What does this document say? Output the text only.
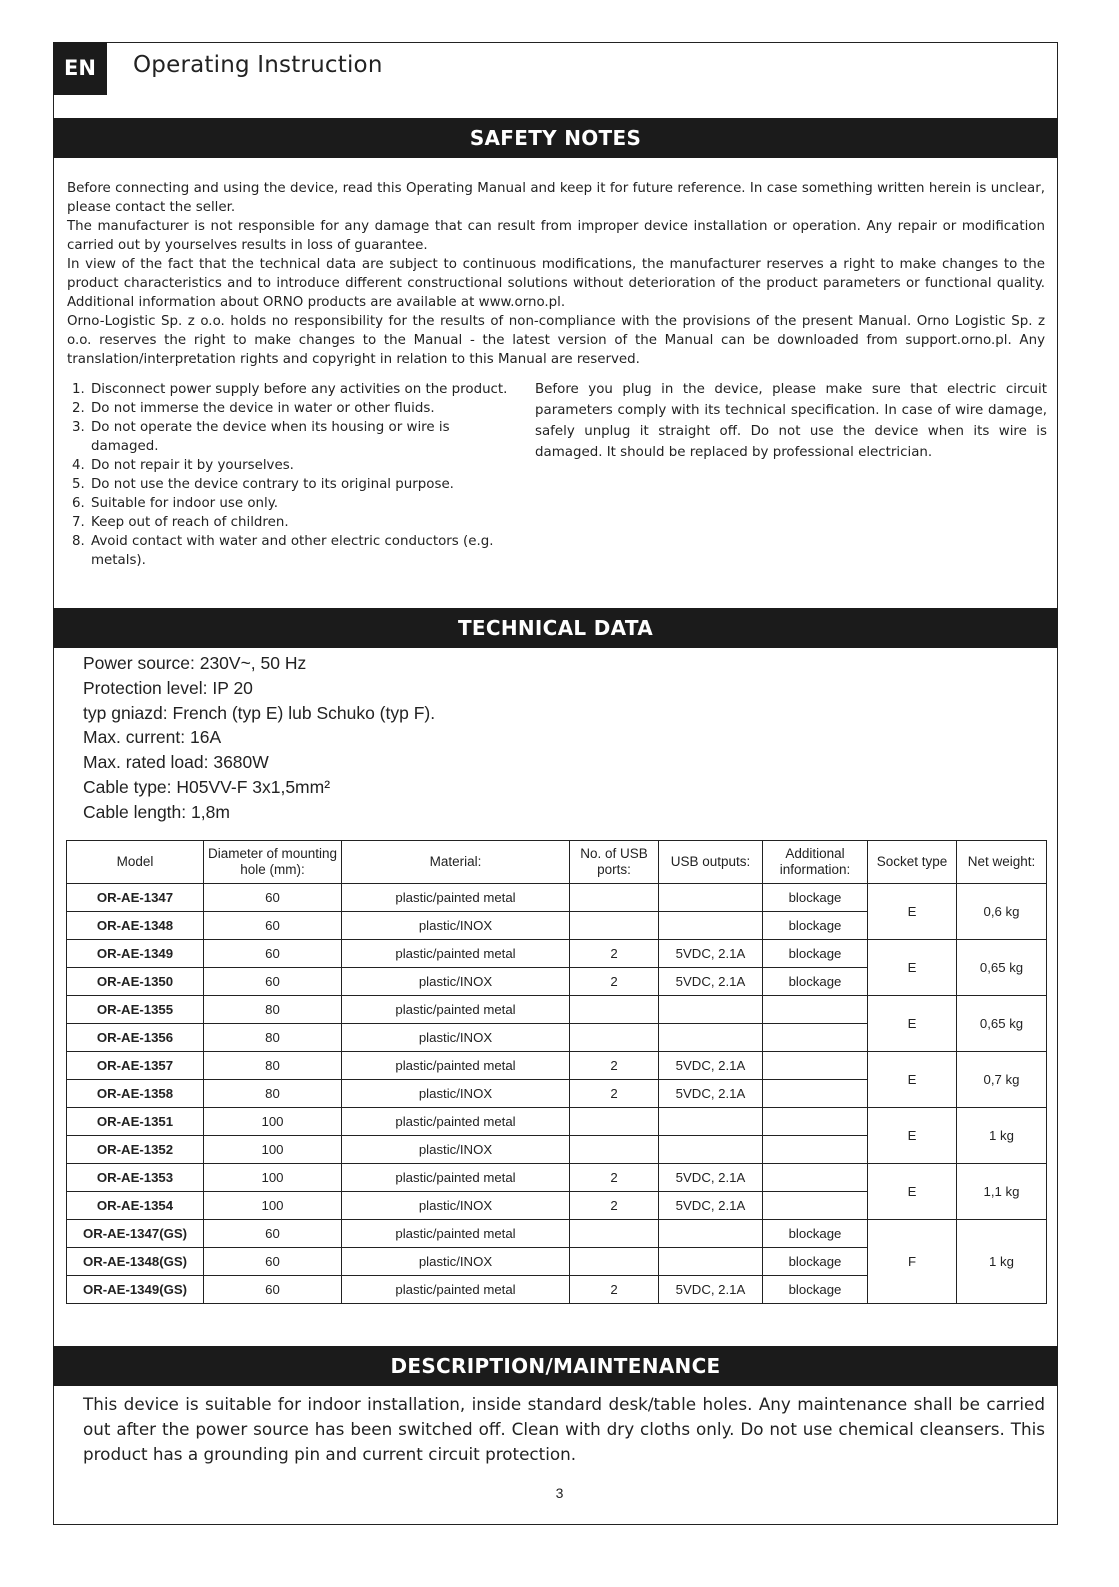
EN	Operating Instruction
SAFETY NOTES

Before connecting and using the device, read this Operating Manual and keep it for future reference. In case something written herein is unclear, please contact the seller.

The manufacturer is not responsible for any damage that can result from improper device installation or operation. Any repair or modification carried out by yourselves results in loss of guarantee.

In view of the fact that the technical data are subject to continuous modifications, the manufacturer reserves a right to make changes to the product characteristics and to introduce different constructional solutions without deterioration of the product parameters or functional quality. Additional information about ORNO products are available at www.orno.pl.

Orno-Logistic Sp. z o.o. holds no responsibility for the results of non-compliance with the provisions of the present Manual. Orno Logistic Sp. z o.o. reserves the right to make changes to the Manual - the latest version of the Manual can be downloaded from support.orno.pl. Any translation/interpretation rights and copyright in relation to this Manual are reserved.

1. Disconnect power supply before any activities on the product.
2. Do not immerse the device in water or other fluids.
3. Do not operate the device when its housing or wire is damaged.
4. Do not repair it by yourselves.
5. Do not use the device contrary to its original purpose.
6. Suitable for indoor use only.
7. Keep out of reach of children.
8. Avoid contact with water and other electric conductors (e.g. metals).
Before you plug in the device, please make sure that electric circuit parameters comply with its technical specification. In case of wire damage, safely unplug it straight off. Do not use the device when its wire is damaged. It should be replaced by professional electrician.
TECHNICAL DATA
Power source: 230V~, 50 Hz
Protection level: IP 20
typ gniazd: French (typ E) lub Schuko (typ F).
Max. current: 16A
Max. rated load: 3680W
Cable type: H05VV-F 3x1,5mm²
Cable length: 1,8m
Model	Diameter of mounting hole (mm):	Material:	No. of USB ports:	USB outputs:	Additional information:	Socket type	Net weight:
OR-AE-1347	60	plastic/painted metal			blockage	E	0,6 kg
OR-AE-1348	60	plastic/INOX			blockage		
OR-AE-1349	60	plastic/painted metal	2	5VDC, 2.1A	blockage	E	0,65 kg
OR-AE-1350	60	plastic/INOX	2	5VDC, 2.1A	blockage		
OR-AE-1355	80	plastic/painted metal				E	0,65 kg
OR-AE-1356	80	plastic/INOX					
OR-AE-1357	80	plastic/painted metal	2	5VDC, 2.1A		E	0,7 kg
OR-AE-1358	80	plastic/INOX	2	5VDC, 2.1A			
OR-AE-1351	100	plastic/painted metal				E	1 kg
OR-AE-1352	100	plastic/INOX					
OR-AE-1353	100	plastic/painted metal	2	5VDC, 2.1A		E	1,1 kg
OR-AE-1354	100	plastic/INOX	2	5VDC, 2.1A			
OR-AE-1347(GS)	60	plastic/painted metal			blockage	F	1 kg
OR-AE-1348(GS)	60	plastic/INOX			blockage		
OR-AE-1349(GS)	60	plastic/painted metal	2	5VDC, 2.1A	blockage		
DESCRIPTION/MAINTENANCE
This device is suitable for indoor installation, inside standard desk/table holes. Any maintenance shall be carried out after the power source has been switched off. Clean with dry cloths only. Do not use chemical cleansers. This product has a grounding pin and current circuit protection.
3
